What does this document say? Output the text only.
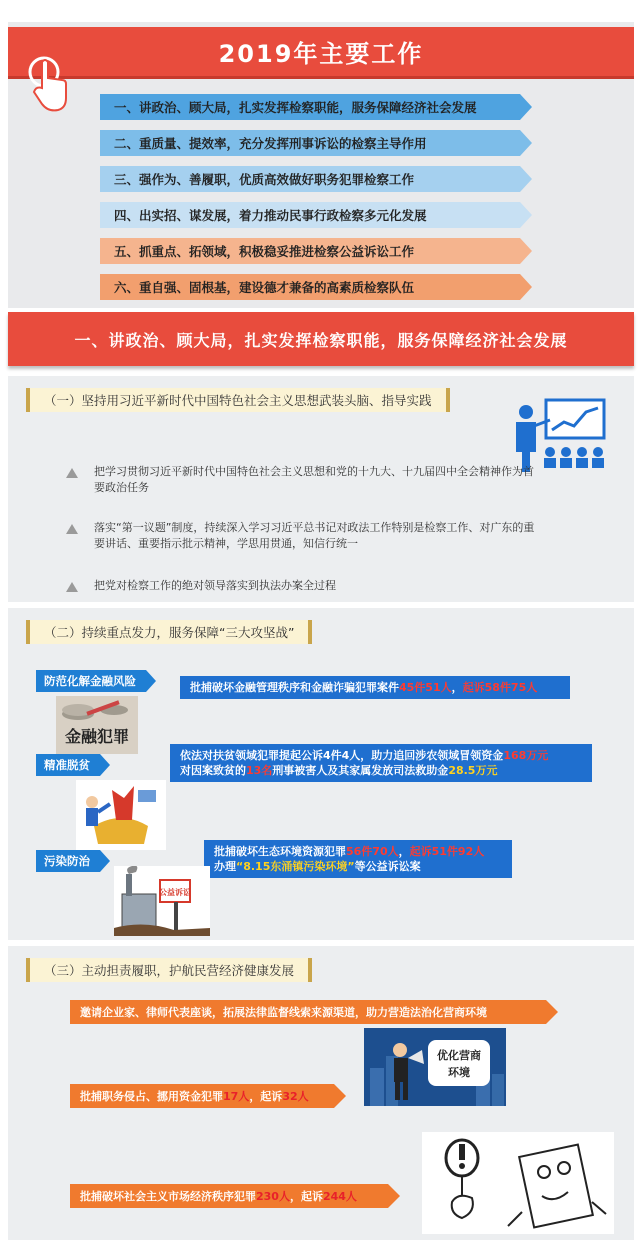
2019年主要工作
一、讲政治、顾大局，扎实发挥检察职能，服务保障经济社会发展
二、重质量、提效率，充分发挥刑事诉讼的检察主导作用
三、强作为、善履职，优质高效做好职务犯罪检察工作
四、出实招、谋发展，着力推动民事行政检察多元化发展
五、抓重点、拓领域，积极稳妥推进检察公益诉讼工作
六、重自强、固根基，建设德才兼备的高素质检察队伍
一、讲政治、顾大局，扎实发挥检察职能，服务保障经济社会发展
（一）坚持用习近平新时代中国特色社会主义思想武装头脑、指导实践
把学习贯彻习近平新时代中国特色社会主义思想和党的十九大、十九届四中全会精神作为首要政治任务
落实“第一议题”制度，持续深入学习习近平总书记对政法工作特别是检察工作、对广东的重要讲话、重要指示批示精神，学思用贯通，知信行统一
把党对检察工作的绝对领导落实到执法办案全过程
（二）持续重点发力，服务保障“三大攻坚战”
防范化解金融风险	批捕破坏金融管理秩序和金融诈骗犯罪案件45件51人，起诉58件75人
金融犯罪
精准脱贫
依法对扶贫领域犯罪提起公诉4件4人，助力追回涉农领域冒领资金168万元
对因案致贫的13名刑事被害人及其家属发放司法救助金28.5万元
污染防治
批捕破坏生态环境资源犯罪56件70人，起诉51件92人
办理“8.15东涌镇污染环境”等公益诉讼案
公益诉讼
（三）主动担责履职，护航民营经济健康发展
邀请企业家、律师代表座谈，拓展法律监督线索来源渠道，助力营造法治化营商环境
优化营商
环境
批捕职务侵占、挪用资金犯罪 17人 ，起诉 32人
批捕破坏社会主义市场经济秩序犯罪 230人 ，起诉 244人
